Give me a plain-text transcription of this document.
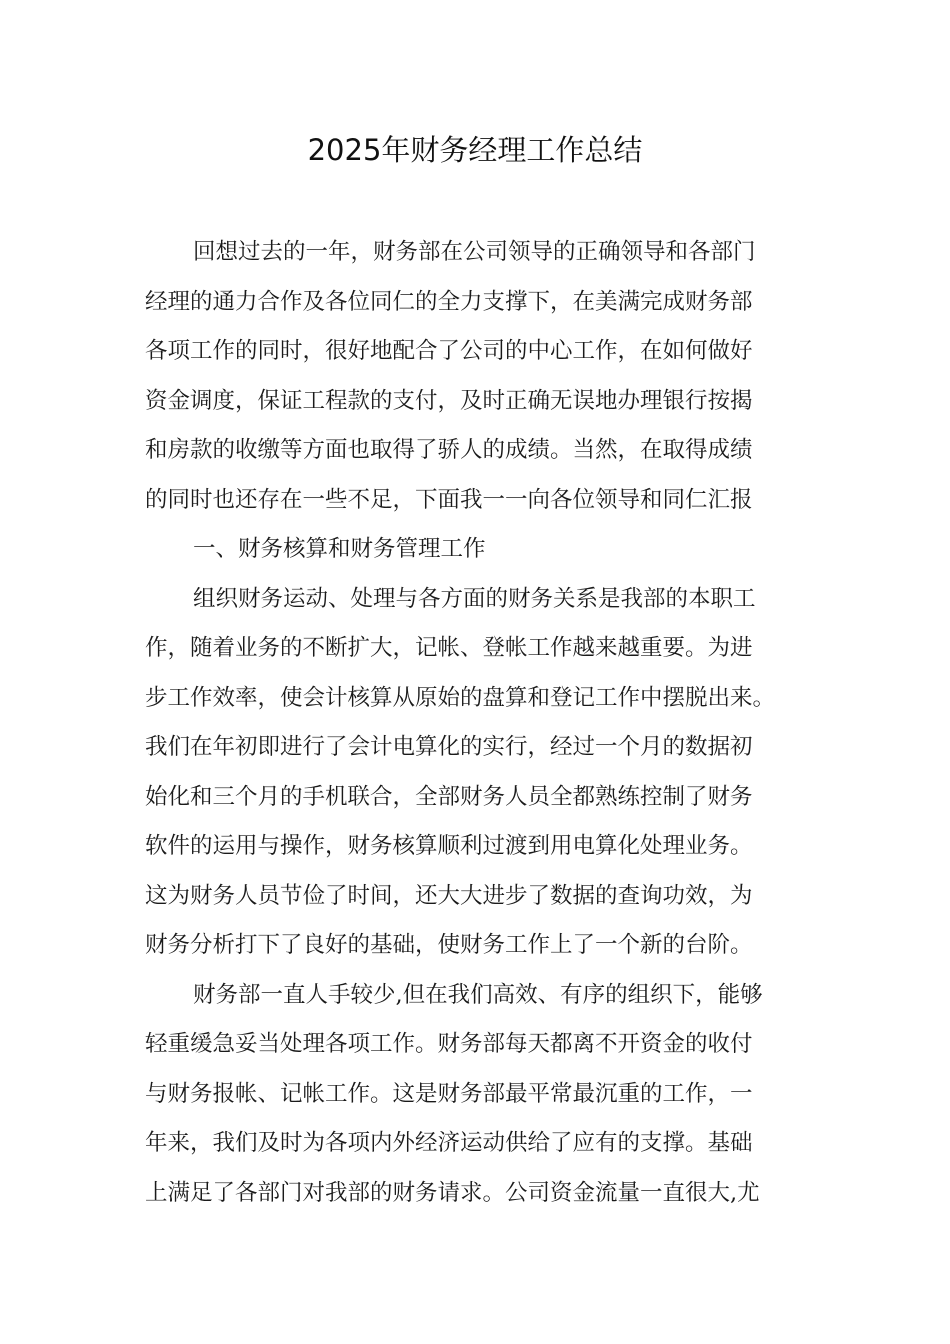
2025年财务经理工作总结
回想过去的一年，财务部在公司领导的正确领导和各部门
经理的通力合作及各位同仁的全力支撑下，在美满完成财务部
各项工作的同时，很好地配合了公司的中心工作，在如何做好
资金调度，保证工程款的支付，及时正确无误地办理银行按揭
和房款的收缴等方面也取得了骄人的成绩。当然，在取得成绩
的同时也还存在一些不足，下面我一一向各位领导和同仁汇报
一、财务核算和财务管理工作
组织财务运动、处理与各方面的财务关系是我部的本职工
作，随着业务的不断扩大，记帐、登帐工作越来越重要。为进
步工作效率，使会计核算从原始的盘算和登记工作中摆脱出来。
我们在年初即进行了会计电算化的实行，经过一个月的数据初
始化和三个月的手机联合，全部财务人员全都熟练控制了财务
软件的运用与操作，财务核算顺利过渡到用电算化处理业务。
这为财务人员节俭了时间，还大大进步了数据的查询功效，为
财务分析打下了良好的基础，使财务工作上了一个新的台阶。
财务部一直人手较少,但在我们高效、有序的组织下，能够
轻重缓急妥当处理各项工作。财务部每天都离不开资金的收付
与财务报帐、记帐工作。这是财务部最平常最沉重的工作，一
年来，我们及时为各项内外经济运动供给了应有的支撑。基础
上满足了各部门对我部的财务请求。公司资金流量一直很大,尤
